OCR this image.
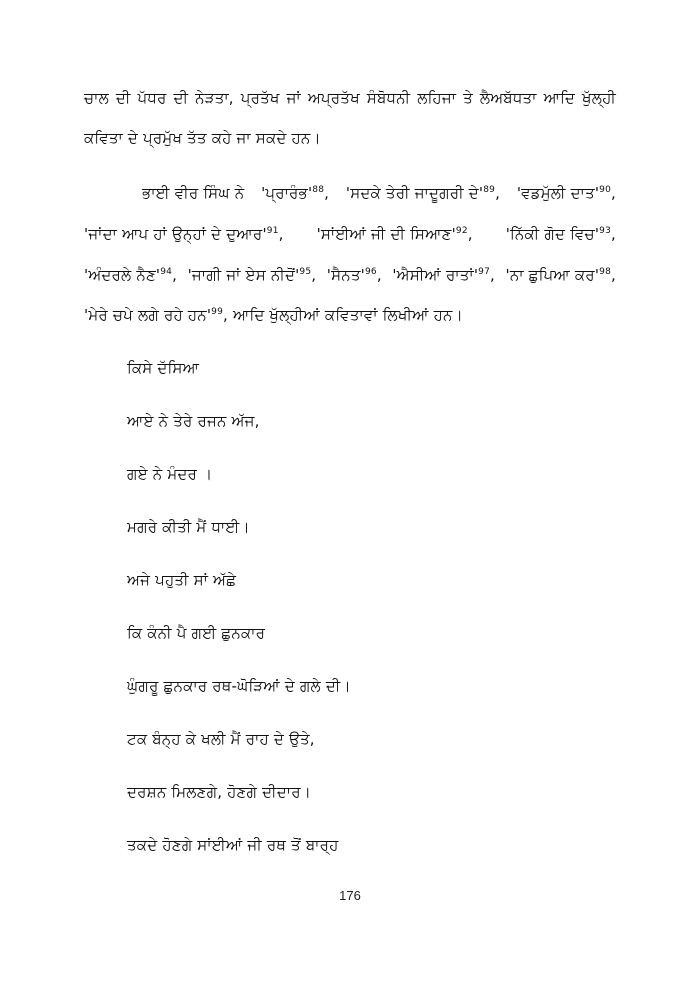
ਚਾਲ ਦੀ ਪੱਧਰ ਦੀ ਨੇੜਤਾ, ਪ੍ਰਤੱਖ ਜਾਂ ਅਪ੍ਰਤੱਖ ਸੰਬੋਧਨੀ ਲਹਿਜਾ ਤੇ ਲੈਅਬੱਧਤਾ ਆਦਿ ਖੁੱਲ੍ਹੀ
ਕਵਿਤਾ ਦੇ ਪ੍ਰਮੁੱਖ ਤੱਤ ਕਹੇ ਜਾ ਸਕਦੇ ਹਨ।
ਭਾਈ ਵੀਰ ਸਿੰਘ ਨੇ '$ਪ੍ਰਾਰੰਭ'^{88}$, 'ਸਦਕੇ ਤੇਰੀ ਜਾਦੂਗਰੀ $ਦੇ'^{89}$, 'ਵਡਮੁੱਲੀ $ਦਾਤ'^{90}$,
'ਜਾਂਦਾ ਆਪ ਹਾਂ ਉਨ੍ਹਾਂ ਦੇ $ਦੁਆਰ'^{91}$, 'ਸਾਂਈਆਂ ਜੀ ਦੀ $ਸਿਆਣ'^{92}$, 'ਨਿੱਕੀ ਗੋਦ $ਵਿਚ'^{93}$,
'ਅੰਦਰਲੇ $ਨੈਣ'^{94}$, 'ਜਾਗੀ ਜਾਂ ਏਸ $ਨੀਦੋਂ'^{95}$, '$ਸੈਨਤ'^{96}$, 'ਐਸੀਆਂ $ਰਾਤਾਂ'^{97}$, 'ਨਾ ਛੁਪਿਆ $ਕਰ'^{98}$,
'ਮੇਰੇ ਚਪੇ ਲਗੇ ਰਹੇ $ਹਨ'^{99}$, ਆਦਿ ਖੁੱਲ੍ਹੀਆਂ ਕਵਿਤਾਵਾਂ ਲਿਖੀਆਂ ਹਨ।
ਕਿਸੇ ਦੱਸਿਆ
ਆਏ ਨੇ ਤੇਰੇ ਰਜਨ ਅੱਜ,
ਗਏ ਨੇ ਮੰਦਰ ।
ਮਗਰੇ ਕੀਤੀ ਮੈਂ ਧਾਈ।
ਅਜੇ ਪਹੁਤੀ ਸਾਂ ਅੱਛੇ
ਕਿ ਕੰਨੀ ਪੈ ਗਈ ਛੁਨਕਾਰ
ਘੁੰਗਰੂ ਛੁਨਕਾਰ ਰਥ-ਘੋੜਿਆਂ ਦੇ ਗਲੇ ਦੀ।
ਟਕ ਬੰਨ੍ਹ ਕੇ ਖਲੀ ਮੈਂ ਰਾਹ ਦੇ ਉਤੇ,
ਦਰਸ਼ਨ ਮਿਲਣਗੇ, ਹੋਣਗੇ ਦੀਦਾਰ।
ਤਕਦੇ ਹੋਣਗੇ ਸਾਂਈਆਂ ਜੀ ਰਥ ਤੋਂ ਬਾਰ੍ਹ
176
